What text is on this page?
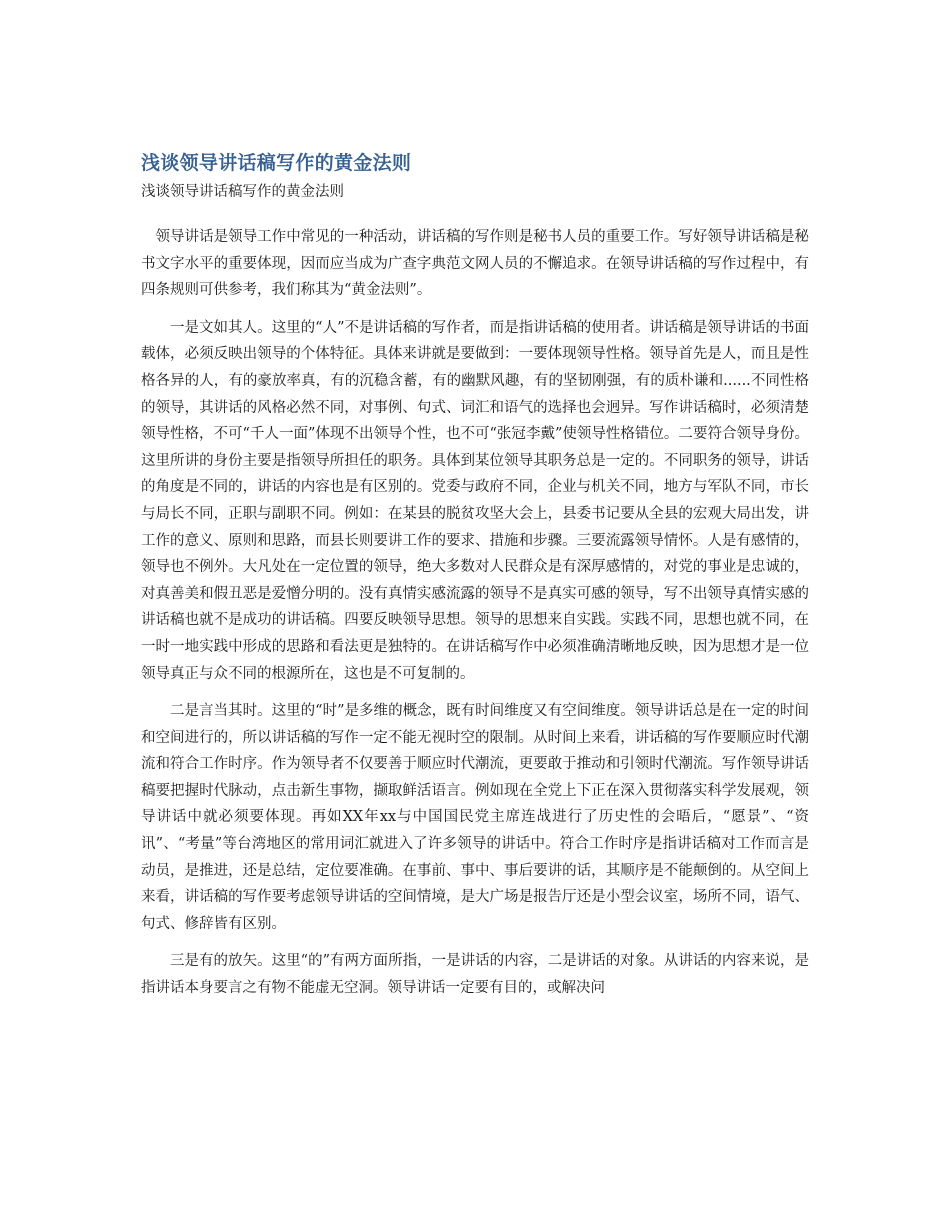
浅谈领导讲话稿写作的黄金法则
浅谈领导讲话稿写作的黄金法则

领导讲话是领导工作中常见的一种活动，讲话稿的写作则是秘书人员的重要工作。写好领导讲话稿是秘书文字水平的重要体现，因而应当成为广查字典范文网人员的不懈追求。在领导讲话稿的写作过程中，有四条规则可供参考，我们称其为“黄金法则”。

一是文如其人。这里的“人”不是讲话稿的写作者，而是指讲话稿的使用者。讲话稿是领导讲话的书面载体，必须反映出领导的个体特征。具体来讲就是要做到：一要体现领导性格。领导首先是人，而且是性格各异的人，有的豪放率真，有的沉稳含蓄，有的幽默风趣，有的坚韧刚强，有的质朴谦和......不同性格的领导，其讲话的风格必然不同，对事例、句式、词汇和语气的选择也会迥异。写作讲话稿时，必须清楚领导性格，不可“千人一面”体现不出领导个性，也不可“张冠李戴”使领导性格错位。二要符合领导身份。这里所讲的身份主要是指领导所担任的职务。具体到某位领导其职务总是一定的。不同职务的领导，讲话的角度是不同的，讲话的内容也是有区别的。党委与政府不同，企业与机关不同，地方与军队不同，市长与局长不同，正职与副职不同。例如：在某县的脱贫攻坚大会上，县委书记要从全县的宏观大局出发，讲工作的意义、原则和思路，而县长则要讲工作的要求、措施和步骤。三要流露领导情怀。人是有感情的，领导也不例外。大凡处在一定位置的领导，绝大多数对人民群众是有深厚感情的，对党的事业是忠诚的，对真善美和假丑恶是爱憎分明的。没有真情实感流露的领导不是真实可感的领导，写不出领导真情实感的讲话稿也就不是成功的讲话稿。四要反映领导思想。领导的思想来自实践。实践不同，思想也就不同，在一时一地实践中形成的思路和看法更是独特的。在讲话稿写作中必须准确清晰地反映，因为思想才是一位领导真正与众不同的根源所在，这也是不可复制的。

二是言当其时。这里的“时”是多维的概念，既有时间维度又有空间维度。领导讲话总是在一定的时间和空间进行的，所以讲话稿的写作一定不能无视时空的限制。从时间上来看，讲话稿的写作要顺应时代潮流和符合工作时序。作为领导者不仅要善于顺应时代潮流，更要敢于推动和引领时代潮流。写作领导讲话稿要把握时代脉动，点击新生事物，撷取鲜活语言。例如现在全党上下正在深入贯彻落实科学发展观，领导讲话中就必须要体现。再如XX年xx与中国国民党主席连战进行了历史性的会晤后，“愿景”、“资讯”、“考量”等台湾地区的常用词汇就进入了许多领导的讲话中。符合工作时序是指讲话稿对工作而言是动员，是推进，还是总结，定位要准确。在事前、事中、事后要讲的话，其顺序是不能颠倒的。从空间上来看，讲话稿的写作要考虑领导讲话的空间情境，是大广场是报告厅还是小型会议室，场所不同，语气、句式、修辞皆有区别。

三是有的放矢。这里“的”有两方面所指，一是讲话的内容，二是讲话的对象。从讲话的内容来说，是指讲话本身要言之有物不能虚无空洞。领导讲话一定要有目的，或解决问
